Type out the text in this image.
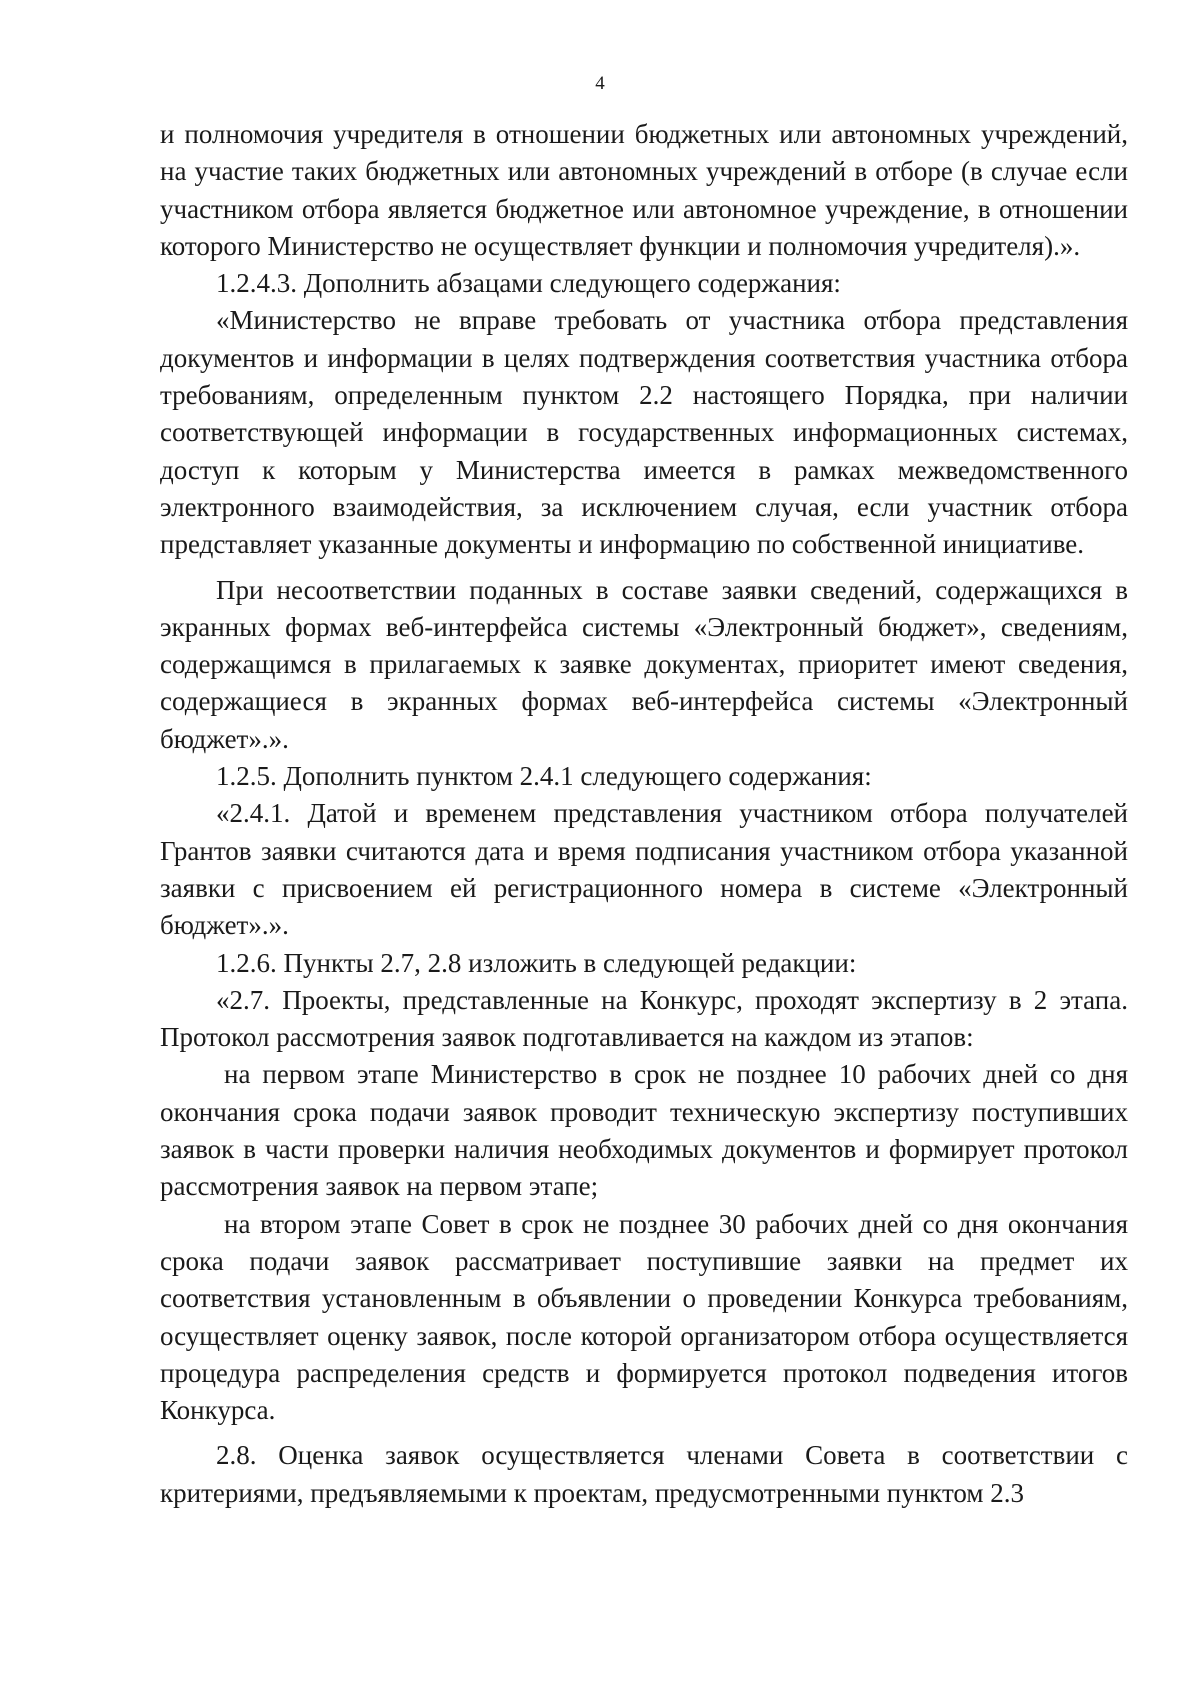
4

и полномочия учредителя в отношении бюджетных или автономных учреждений, на участие таких бюджетных или автономных учреждений в отборе (в случае если участником отбора является бюджетное или автономное учреждение, в отношении которого Министерство не осуществляет функции и полномочия учредителя).».

1.2.4.3. Дополнить абзацами следующего содержания:

«Министерство не вправе требовать от участника отбора представления документов и информации в целях подтверждения соответствия участника отбора требованиям, определенным пунктом 2.2 настоящего Порядка, при наличии соответствующей информации в государственных информационных системах, доступ к которым у Министерства имеется в рамках межведомственного электронного взаимодействия, за исключением случая, если участник отбора представляет указанные документы и информацию по собственной инициативе.

При несоответствии поданных в составе заявки сведений, содержащихся в экранных формах веб-интерфейса системы «Электронный бюджет», сведениям, содержащимся в прилагаемых к заявке документах, приоритет имеют сведения, содержащиеся в экранных формах веб-интерфейса системы «Электронный бюджет».».

1.2.5. Дополнить пунктом 2.4.1 следующего содержания:

«2.4.1. Датой и временем представления участником отбора получателей Грантов заявки считаются дата и время подписания участником отбора указанной заявки с присвоением ей регистрационного номера в системе «Электронный бюджет».».

1.2.6. Пункты 2.7, 2.8 изложить в следующей редакции:

«2.7. Проекты, представленные на Конкурс, проходят экспертизу в 2 этапа. Протокол рассмотрения заявок подготавливается на каждом из этапов:

на первом этапе Министерство в срок не позднее 10 рабочих дней со дня окончания срока подачи заявок проводит техническую экспертизу поступивших заявок в части проверки наличия необходимых документов и формирует протокол рассмотрения заявок на первом этапе;

на втором этапе Совет в срок не позднее 30 рабочих дней со дня окончания срока подачи заявок рассматривает поступившие заявки на предмет их соответствия установленным в объявлении о проведении Конкурса требованиям, осуществляет оценку заявок, после которой организатором отбора осуществляется процедура распределения средств и формируется протокол подведения итогов Конкурса.

2.8. Оценка заявок осуществляется членами Совета в соответствии с критериями, предъявляемыми к проектам, предусмотренными пунктом 2.3
